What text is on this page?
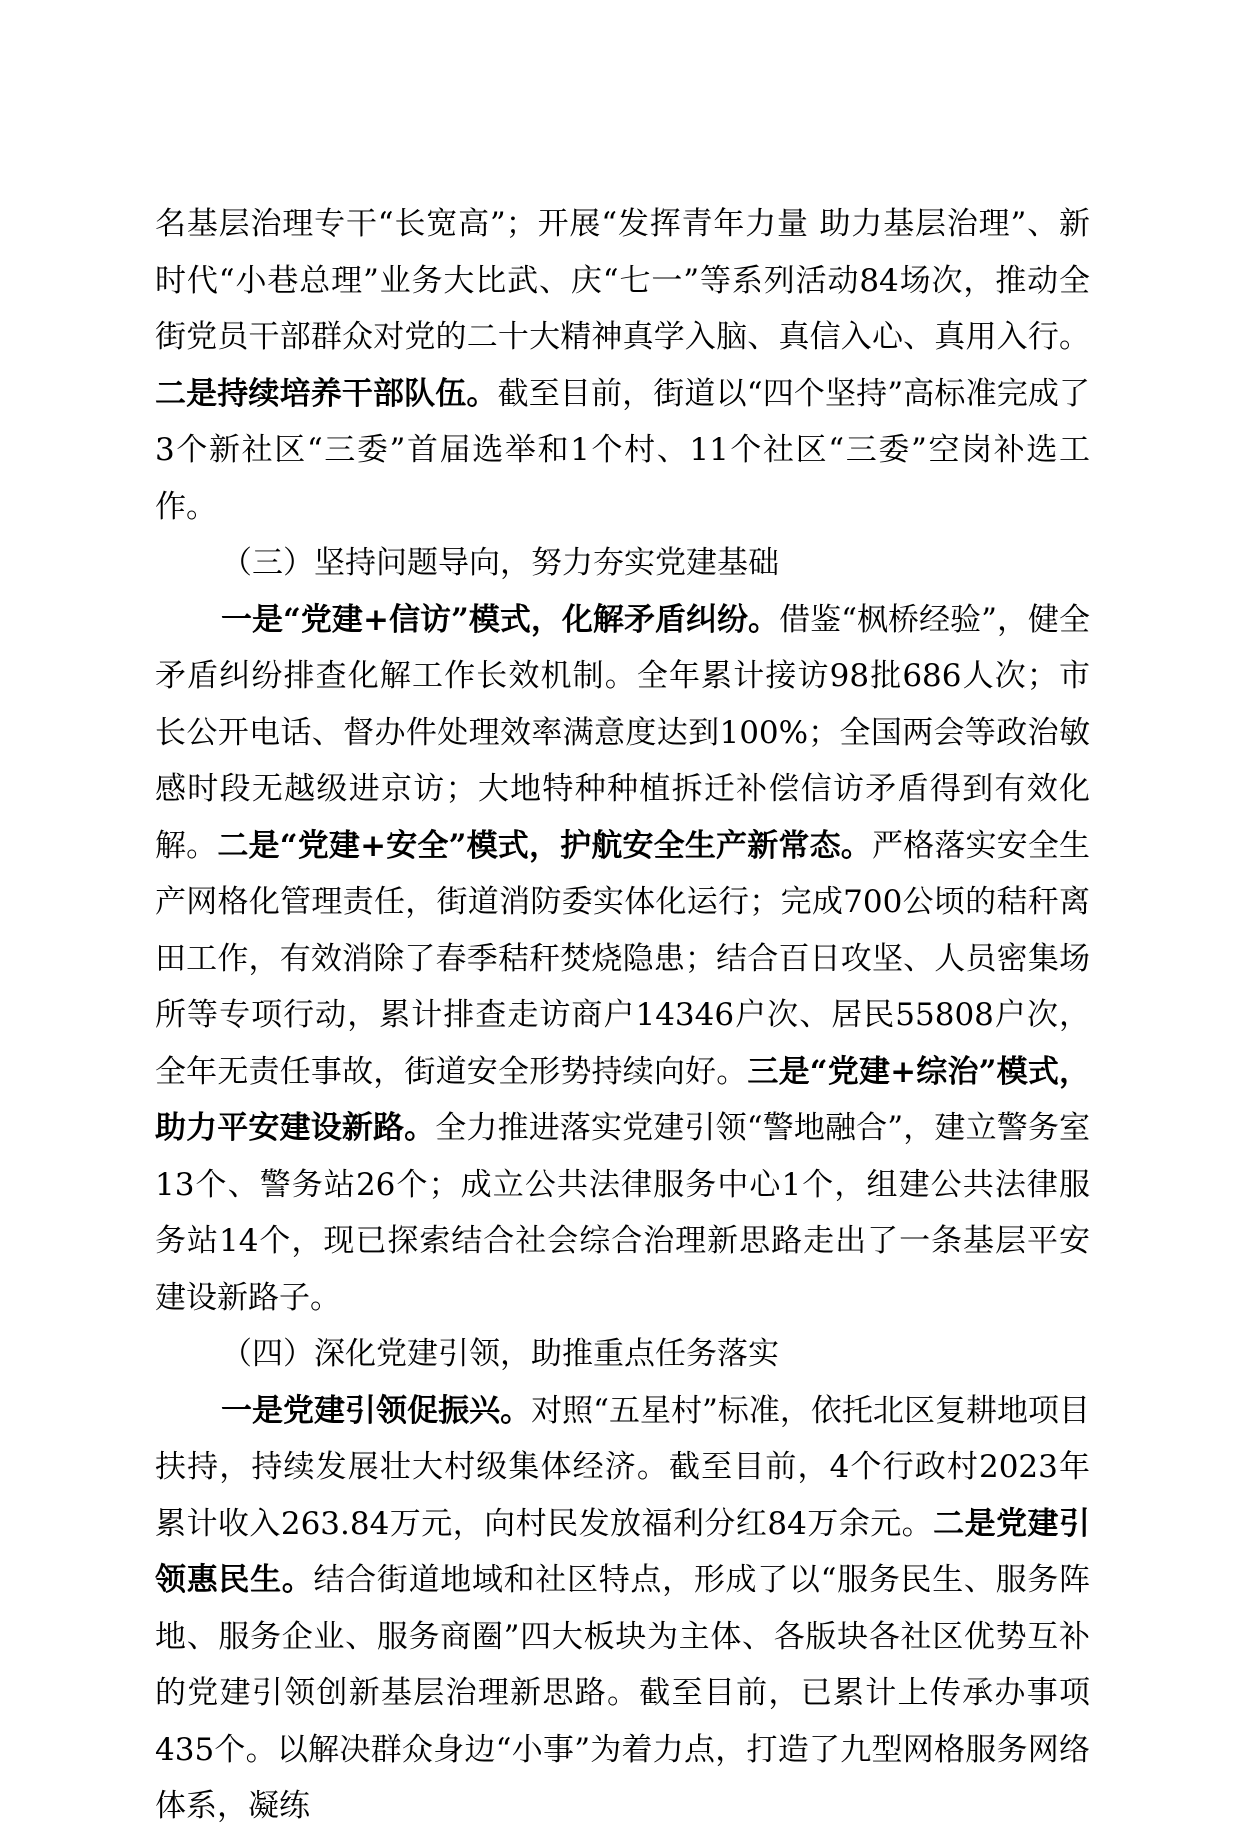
名基层治理专干“长宽高”；开展“发挥青年力量 助力基层治理”、新时代“小巷总理”业务大比武、庆“七一”等系列活动84场次，推动全街党员干部群众对党的二十大精神真学入脑、真信入心、真用入行。二是持续培养干部队伍。截至目前，街道以“四个坚持”高标准完成了3个新社区“三委”首届选举和1个村、11个社区“三委”空岗补选工作。

（三）坚持问题导向，努力夯实党建基础

一是“党建+信访”模式，化解矛盾纠纷。借鉴“枫桥经验”，健全矛盾纠纷排查化解工作长效机制。全年累计接访98批686人次；市长公开电话、督办件处理效率满意度达到100%；全国两会等政治敏感时段无越级进京访；大地特种种植拆迁补偿信访矛盾得到有效化解。二是“党建+安全”模式，护航安全生产新常态。严格落实安全生产网格化管理责任，街道消防委实体化运行；完成700公顷的秸秆离田工作，有效消除了春季秸秆焚烧隐患；结合百日攻坚、人员密集场所等专项行动，累计排查走访商户14346户次、居民55808户次，全年无责任事故，街道安全形势持续向好。三是“党建+综治”模式，助力平安建设新路。全力推进落实党建引领“警地融合”，建立警务室13个、警务站26个；成立公共法律服务中心1个，组建公共法律服务站14个，现已探索结合社会综合治理新思路走出了一条基层平安建设新路子。

（四）深化党建引领，助推重点任务落实

一是党建引领促振兴。对照“五星村”标准，依托北区复耕地项目扶持，持续发展壮大村级集体经济。截至目前，4个行政村2023年累计收入263.84万元，向村民发放福利分红84万余元。二是党建引领惠民生。结合街道地域和社区特点，形成了以“服务民生、服务阵地、服务企业、服务商圈”四大板块为主体、各版块各社区优势互补的党建引领创新基层治理新思路。截至目前，已累计上传承办事项435个。以解决群众身边“小事”为着力点，打造了九型网格服务网络体系，凝练
